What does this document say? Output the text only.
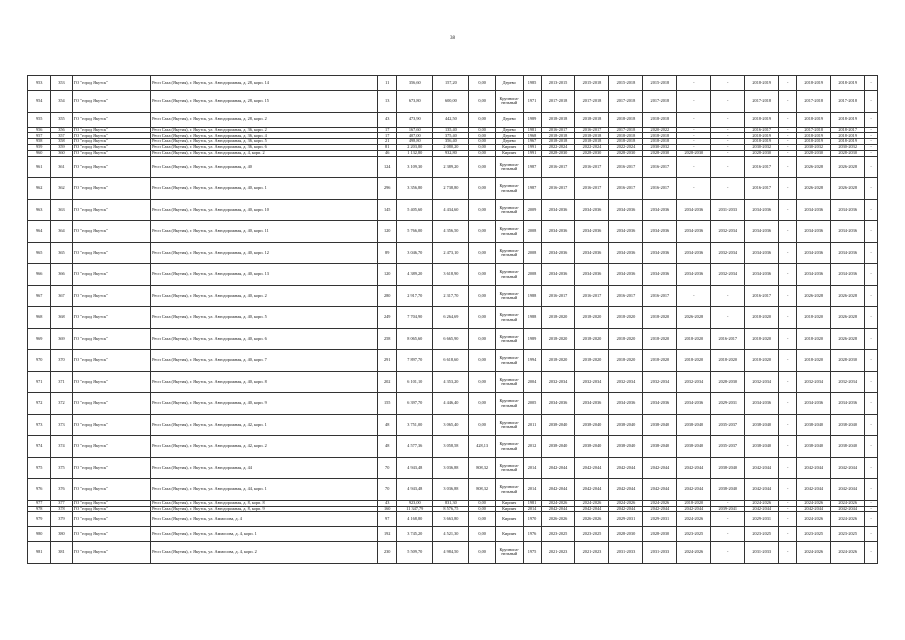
38
953	353	ГО "город Якутск"	Респ Саха (Якутия), г. Якутск, ул. Автодорожная, д. 28, корп. 14	11	356,60	157,20	0,00	Дерево	1985	2013-2015	2015-2018	2015-2018	2015-2018	-	-	2018-2019	-	2018-2019	2018-2019	-
954	354	ГО "город Якутск"	Респ Саха (Якутия), г. Якутск, ул. Автодорожная, д. 28, корп. 15	13	673,80	600,00	0,00	Крупнопа-нельный	1971	2017-2018	2017-2018	2017-2018	2017-2018	-	-	2017-2018	-	2017-2018	2017-2018	-
955	355	ГО "город Якутск"	Респ Саха (Якутия), г. Якутск, ул. Автодорожная, д. 28, корп. 2	43	473,90	442,50	0,00	Дерево	1989	2018-2018	2018-2018	2018-2018	2018-2018	-	-	2018-2019	-	2018-2019	2018-2019	-
956	356	ГО "город Якутск"	Респ Саха (Якутия), г. Якутск, ул. Автодорожная, д. 36, корп. 2	17	167,60	135,40	0,00	Дерево	1981	2016-2017	2016-2017	2017-2018	2020-2022	-	-	2016-2017	-	2017-2018	2018-2017	-
957	357	ГО "город Якутск"	Респ Саха (Якутия), г. Якутск, ул. Автодорожная, д. 36, корп. 4	17	407,00	375,40	0,00	Дерево	1968	2018-2018	2018-2018	2018-2018	2018-2018	-	-	2018-2019	-	2018-2019	2018-2019	-
958	358	ГО "город Якутск"	Респ Саха (Якутия), г. Якутск, ул. Автодорожная, д. 36, корп. 5	21	498,80	356,40	0,00	Дерево	1967	2018-2018	2018-2018	2018-2018	2018-2018	-	-	2018-2019	-	2018-2019	2018-2019	-
959	359	ГО "город Якутск"	Респ Саха (Якутия), г. Якутск, ул. Автодорожная, д. 36, корп. 6	81	2 203,80	2 080,20	0,00	Кирпич	1991	2022-2024	2022-2024	2022-2024	2030-2032	-	-	2030-2032	-	2030-2032	2030-2032	-
960	360	ГО "город Якутск"	Респ Саха (Якутия), г. Якутск, ул. Автодорожная, д. 4, корп. 2	46	1 132,80	932,80	0,00	Кирпич	1991	2028-2030	2028-2030	2028-2030	2028-2030	2028-2030	-	2028-2030	-	2028-2030	2028-2030	-
961	361	ГО "город Якутск"	Респ Саха (Якутия), г. Якутск, ул. Автодорожная, д. 40	124	3 109,30	2 389,20	0,00	Крупнопа-нельный	1987	2016-2017	2016-2017	2016-2017	2016-2017	-	-	2016-2017	-	2026-2028	2026-2028	-
962	362	ГО "город Якутск"	Респ Саха (Якутия), г. Якутск, ул. Автодорожная, д. 40, корп. 1	296	3 356,80	2 738,80	0,00	Крупнопа-нельный	1987	2016-2017	2016-2017	2016-2017	2016-2017	-	-	2016-2017	-	2026-2028	2026-2028	-
963	363	ГО "город Якутск"	Респ Саха (Якутия), г. Якутск, ул. Автодорожная, д. 40, корп. 10	145	5 405,60	4 434,60	0,00	Крупнопа-нельный	2009	2034-2036	2034-2036	2034-2036	2034-2036	2034-2036	2031-2033	2034-2036	-	2034-2036	2034-2036	-
964	364	ГО "город Якутск"	Респ Саха (Якутия), г. Якутск, ул. Автодорожная, д. 40, корп. 11	120	5 766,00	4 356,50	0,00	Крупнопа-нельный	2008	2034-2036	2034-2036	2034-2036	2034-2036	2034-2036	2032-2034	2034-2036	-	2034-2036	2034-2036	-
965	365	ГО "город Якутск"	Респ Саха (Якутия), г. Якутск, ул. Автодорожная, д. 40, корп. 12	89	3 046,70	2 473,10	0,00	Крупнопа-нельный	2008	2034-2036	2034-2036	2034-2036	2034-2036	2034-2036	2032-2034	2034-2036	-	2034-2036	2034-2036	-
966	366	ГО "город Якутск"	Респ Саха (Якутия), г. Якутск, ул. Автодорожная, д. 40, корп. 13	120	4 389,20	3 618,90	0,00	Крупнопа-нельный	2008	2034-2036	2034-2036	2034-2036	2034-2036	2034-2036	2032-2034	2034-2036	-	2034-2036	2034-2036	-
967	367	ГО "город Якутск"	Респ Саха (Якутия), г. Якутск, ул. Автодорожная, д. 40, корп. 2	280	2 917,70	2 317,70	0,00	Крупнопа-нельный	1988	2016-2017	2016-2017	2016-2017	2016-2017	-	-	2016-2017	-	2026-2028	2026-2028	-
968	368	ГО "город Якутск"	Респ Саха (Якутия), г. Якутск, ул. Автодорожная, д. 40, корп. 5	249	7 704,90	6 264,69	0,00	Крупнопа-нельный	1988	2018-2020	2018-2020	2018-2020	2018-2020	2026-2028	-	2018-2020	-	2018-2020	2026-2028	-
969	369	ГО "город Якутск"	Респ Саха (Якутия), г. Якутск, ул. Автодорожная, д. 40, корп. 6	258	8 065,60	6 665,90	0,00	Крупнопа-нельный	1989	2018-2020	2018-2020	2018-2020	2018-2020	2018-2020	2016-2017	2018-2020	-	2018-2020	2026-2028	-
970	370	ГО "город Якутск"	Респ Саха (Якутия), г. Якутск, ул. Автодорожная, д. 40, корп. 7	291	7 897,70	6 618,60	0,00	Крупнопа-нельный	1994	2018-2020	2018-2020	2018-2020	2018-2020	2018-2020	2018-2020	2018-2020	-	2018-2020	2028-2030	-
971	371	ГО "город Якутск"	Респ Саха (Якутия), г. Якутск, ул. Автодорожная, д. 40, корп. 8	202	6 101,10	4 353,20	0,00	Крупнопа-нельный	2004	2032-2034	2032-2034	2032-2034	2032-2034	2032-2034	2028-2030	2032-2034	-	2032-2034	2032-2034	-
972	372	ГО "город Якутск"	Респ Саха (Якутия), г. Якутск, ул. Автодорожная, д. 40, корп. 9	155	6 397,70	4 446,40	0,00	Крупнопа-нельный	2005	2034-2036	2034-2036	2034-2036	2034-2036	2034-2036	2029-2031	2034-2036	-	2034-2036	2034-2036	-
973	373	ГО "город Якутск"	Респ Саха (Якутия), г. Якутск, ул. Автодорожная, д. 42, корп. 1	48	3 751,00	3 065,40	0,00	Крупнопа-нельный	2011	2038-2040	2038-2040	2038-2040	2038-2040	2038-2040	2035-2037	2038-2040	-	2038-2040	2038-2040	-
974	374	ГО "город Якутск"	Респ Саха (Якутия), г. Якутск, ул. Автодорожная, д. 42, корп. 2	48	4 577,36	3 058,58	428,13	Крупнопа-нельный	2012	2038-2040	2038-2040	2038-2040	2038-2040	2038-2040	2035-2037	2038-2040	-	2038-2040	2038-2040	-
975	375	ГО "город Якутск"	Респ Саха (Якутия), г. Якутск, ул. Автодорожная, д. 44	70	4 943,48	3 036,88	808,32	Крупнопа-нельный	2014	2042-2044	2042-2044	2042-2044	2042-2044	2042-2044	2038-2040	2042-2044	-	2042-2044	2042-2044	-
976	376	ГО "город Якутск"	Респ Саха (Якутия), г. Якутск, ул. Автодорожная, д. 44, корп. 1	70	4 943,48	3 036,88	808,32	Крупнопа-нельный	2014	2042-2044	2042-2044	2042-2044	2042-2044	2042-2044	2038-2040	2042-2044	-	2042-2044	2042-2044	-
977	377	ГО "город Якутск"	Респ Саха (Якутия), г. Якутск, ул. Автодорожная, д. 8, корп. 8	43	923,00	831,30	0,00	Кирпич	1981	2024-2026	2024-2026	2024-2026	2024-2026	2018-2020	-	2024-2026	-	2024-2026	2024-2026	-
978	378	ГО "город Якутск"	Респ Саха (Якутия), г. Якутск, ул. Автодорожная, д. 8, корп. 9	160	11 347,79	8 576,75	0,00	Кирпич	2014	2042-2044	2042-2044	2042-2044	2042-2044	2042-2044	2039-2041	2042-2044	-	2042-2044	2042-2044	-
979	379	ГО "город Якутск"	Респ Саха (Якутия), г. Якутск, ул. Аммосова, д. 4	97	4 168,80	3 663,80	0,00	Кирпич	1970	2026-2026	2026-2026	2029-2031	2029-2031	2024-2026	-	2029-2031	-	2024-2026	2024-2026	-
980	380	ГО "город Якутск"	Респ Саха (Якутия), г. Якутск, ул. Аммосова, д. 4, корп. 1	192	3 745,20	4 521,30	0,00	Кирпич	1976	2023-2025	2023-2025	2028-2030	2028-2030	2023-2025	-	2023-2025	-	2023-2025	2023-2025	-
981	381	ГО "город Якутск"	Респ Саха (Якутия), г. Якутск, ул. Аммосова, д. 4, корп. 2	230	5 509,70	4 984,50	0,00	Крупнопа-нельный	1975	2021-2023	2021-2023	2031-2033	2031-2033	2024-2026	-	2031-2033	-	2024-2026	2024-2026	-
